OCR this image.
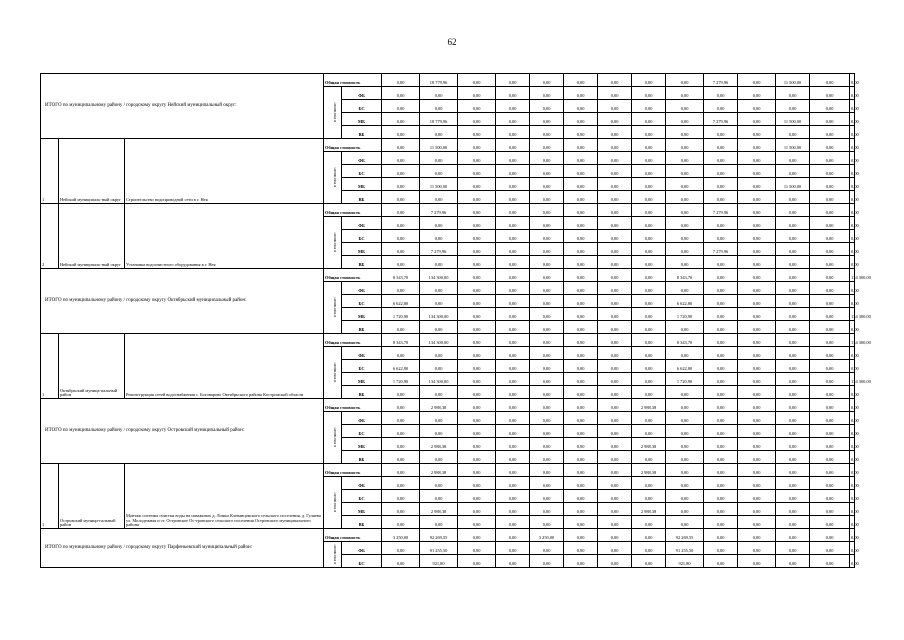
62
ИТОГО по муниципальному району / городскому округу Нейский муниципальный округ:			Общая стоимость		0,00	18 779,96	0,00	0,00	0,00	0,00	0,00	0,00	0,00	7 279,96	0,00	11 500,00	0,00	0,00
			в том числе:	ФБ	0,00	0,00	0,00	0,00	0,00	0,00	0,00	0,00	0,00	0,00	0,00	0,00	0,00	0,00
				БС	0,00	0,00	0,00	0,00	0,00	0,00	0,00	0,00	0,00	0,00	0,00	0,00	0,00	0,00
				МБ	0,00	18 779,96	0,00	0,00	0,00	0,00	0,00	0,00	0,00	7 279,96	0,00	11 500,00	0,00	0,00
				ВБ	0,00	0,00	0,00	0,00	0,00	0,00	0,00	0,00	0,00	0,00	0,00	0,00	0,00	0,00
1	Нейский муниципаль-ный округ	Строительство водопроводной сети в г. Нея	Общая стоимость		0,00	11 500,00	0,00	0,00	0,00	0,00	0,00	0,00	0,00	0,00	0,00	11 500,00	0,00	0,00
			в том числе:	ФБ	0,00	0,00	0,00	0,00	0,00	0,00	0,00	0,00	0,00	0,00	0,00	0,00	0,00	0,00
				БС	0,00	0,00	0,00	0,00	0,00	0,00	0,00	0,00	0,00	0,00	0,00	0,00	0,00	0,00
				МБ	0,00	11 500,00	0,00	0,00	0,00	0,00	0,00	0,00	0,00	0,00	0,00	11 500,00	0,00	0,00
				ВБ	0,00	0,00	0,00	0,00	0,00	0,00	0,00	0,00	0,00	0,00	0,00	0,00	0,00	0,00
2	Нейский муниципаль-ный округ	Установка водоочистного оборудования в г. Нея	Общая стоимость		0,00	7 279,96	0,00	0,00	0,00	0,00	0,00	0,00	0,00	7 279,96	0,00	0,00	0,00	0,00
			в том числе:	ФБ	0,00	0,00	0,00	0,00	0,00	0,00	0,00	0,00	0,00	0,00	0,00	0,00	0,00	0,00
				БС	0,00	0,00	0,00	0,00	0,00	0,00	0,00	0,00	0,00	0,00	0,00	0,00	0,00	0,00
				МБ	0,00	7 279,96	0,00	0,00	0,00	0,00	0,00	0,00	0,00	7 279,96	0,00	0,00	0,00	0,00
				ВБ	0,00	0,00	0,00	0,00	0,00	0,00	0,00	0,00	0,00	0,00	0,00	0,00	0,00	0,00
ИТОГО по муниципальному району / городскому округу Октябрьский муниципальный район:			Общая стоимость		8 343,70	134 300,00	0,00	0,00	0,00	0,00	0,00	0,00	8 343,70	0,00	0,00	0,00	0,00	134 300,00
			в том числе:	ФБ	0,00	0,00	0,00	0,00	0,00	0,00	0,00	0,00	0,00	0,00	0,00	0,00	0,00	0,00
				БС	6 622,80	0,00	0,00	0,00	0,00	0,00	0,00	0,00	6 622,80	0,00	0,00	0,00	0,00	0,00
				МБ	1 720,90	134 300,00	0,00	0,00	0,00	0,00	0,00	0,00	1 720,90	0,00	0,00	0,00	0,00	134 300,00
				ВБ	0,00	0,00	0,00	0,00	0,00	0,00	0,00	0,00	0,00	0,00	0,00	0,00	0,00	0,00
1	Октябрьский муница-пальный район	Реконструкция сетей водоснабжения с. Боговарово Октябрьского района Костромской области	Общая стоимость		8 343,70	134 300,00	0,00	0,00	0,00	0,00	0,00	0,00	8 343,70	0,00	0,00	0,00	0,00	134 300,00
			в том числе:	ФБ	0,00	0,00	0,00	0,00	0,00	0,00	0,00	0,00	0,00	0,00	0,00	0,00	0,00	0,00
				БС	6 622,80	0,00	0,00	0,00	0,00	0,00	0,00	0,00	6 622,80	0,00	0,00	0,00	0,00	0,00
				МБ	1 720,90	134 300,00	0,00	0,00	0,00	0,00	0,00	0,00	1 720,90	0,00	0,00	0,00	0,00	134 300,00
				ВБ	0,00	0,00	0,00	0,00	0,00	0,00	0,00	0,00	0,00	0,00	0,00	0,00	0,00	0,00
ИТОГО по муниципальному району / городскому округу Островский муниципальный район:			Общая стоимость		0,00	2 988,38	0,00	0,00	0,00	0,00	0,00	2 988,38	0,00	0,00	0,00	0,00	0,00	0,00
			в том числе:	ФБ	0,00	0,00	0,00	0,00	0,00	0,00	0,00	0,00	0,00	0,00	0,00	0,00	0,00	0,00
				БС	0,00	0,00	0,00	0,00	0,00	0,00	0,00	0,00	0,00	0,00	0,00	0,00	0,00	0,00
				МБ	0,00	2 988,38	0,00	0,00	0,00	0,00	0,00	2 988,38	0,00	0,00	0,00	0,00	0,00	0,00
				ВБ	0,00	0,00	0,00	0,00	0,00	0,00	0,00	0,00	0,00	0,00	0,00	0,00	0,00	0,00
1	Островский муници-пальный район	Монтаж системы очистки воды на скважинах д. Ломки Клеванцовского сельского поселения, д. Гуляева ул. Молодежная и ст. Островское Ос-тровского сельского поселения Островского муниципального района	Общая стоимость		0,00	2 988,38	0,00	0,00	0,00	0,00	0,00	2 988,38	0,00	0,00	0,00	0,00	0,00	0,00
			в том числе:	ФБ	0,00	0,00	0,00	0,00	0,00	0,00	0,00	0,00	0,00	0,00	0,00	0,00	0,00	0,00
				БС	0,00	0,00	0,00	0,00	0,00	0,00	0,00	0,00	0,00	0,00	0,00	0,00	0,00	0,00
				МБ	0,00	2 988,38	0,00	0,00	0,00	0,00	0,00	2 988,38	0,00	0,00	0,00	0,00	0,00	0,00
				ВБ	0,00	0,00	0,00	0,00	0,00	0,00	0,00	0,00	0,00	0,00	0,00	0,00	0,00	0,00
ИТОГО по муниципальному району / городскому округу Парфеньевский муниципальный район:			Общая стоимость		3 250,00	92 269,55	0,00	0,00	3 250,00	0,00	0,00	0,00	92 269,55	0,00	0,00	0,00	0,00	0,00
			в том числе:	ФБ	0,00	91 255,50	0,00	0,00	0,00	0,00	0,00	0,00	91 255,50	0,00	0,00	0,00	0,00	0,00
				БС	0,00	921,80	0,00	0,00	0,00	0,00	0,00	0,00	921,80	0,00	0,00	0,00	0,00	0,00
